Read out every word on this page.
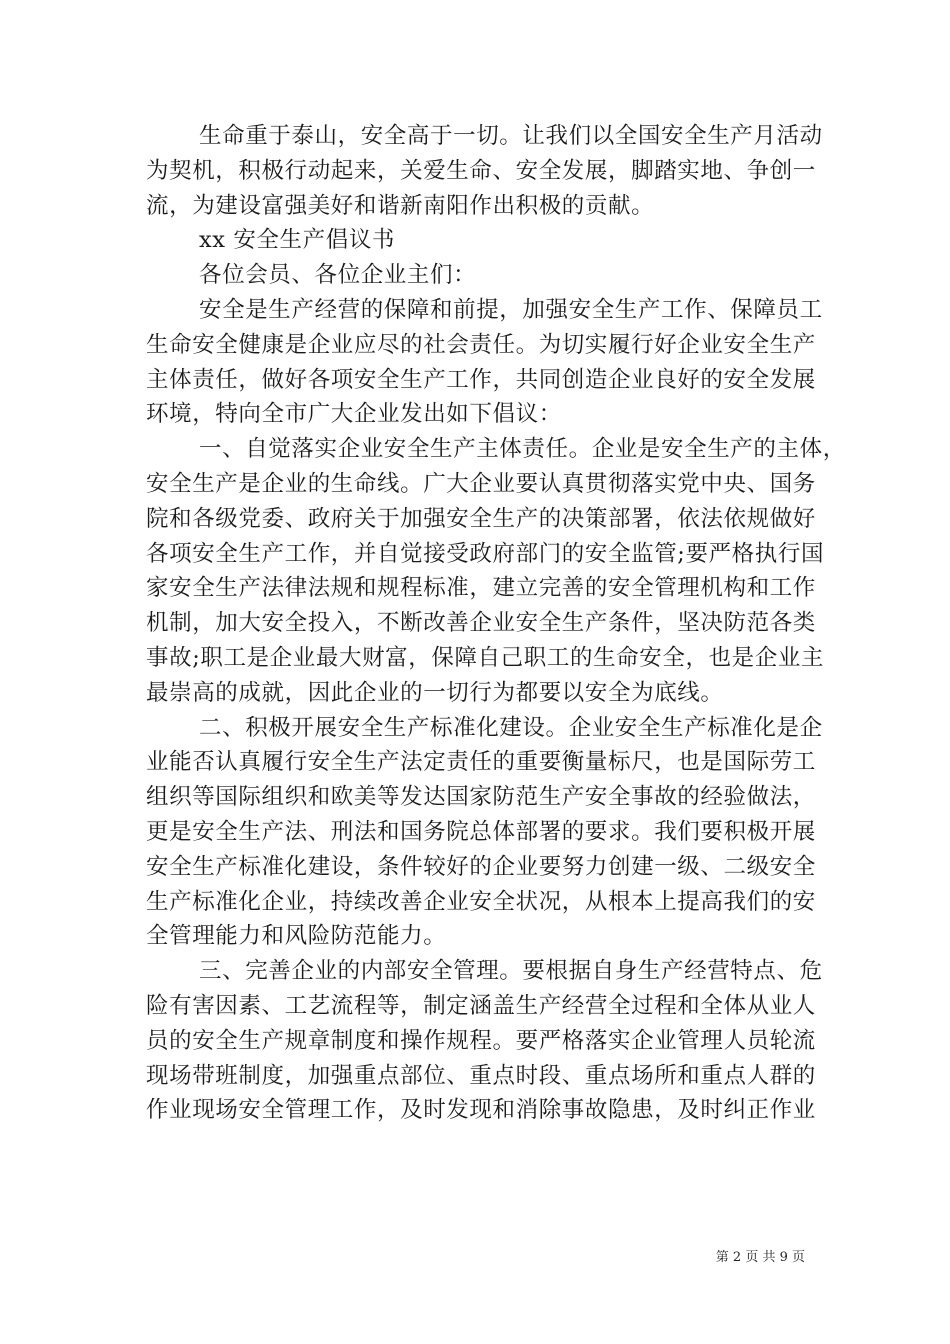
生命重于泰山，安全高于一切。让我们以全国安全生产月活动
为契机，积极行动起来，关爱生命、安全发展，脚踏实地、争创一
流，为建设富强美好和谐新南阳作出积极的贡献。
xx 安全生产倡议书
各位会员、各位企业主们：
安全是生产经营的保障和前提，加强安全生产工作、保障员工
生命安全健康是企业应尽的社会责任。为切实履行好企业安全生产
主体责任，做好各项安全生产工作，共同创造企业良好的安全发展
环境，特向全市广大企业发出如下倡议：
一、自觉落实企业安全生产主体责任。企业是安全生产的主体，
安全生产是企业的生命线。广大企业要认真贯彻落实党中央、国务
院和各级党委、政府关于加强安全生产的决策部署，依法依规做好
各项安全生产工作，并自觉接受政府部门的安全监管;要严格执行国
家安全生产法律法规和规程标准，建立完善的安全管理机构和工作
机制，加大安全投入，不断改善企业安全生产条件，坚决防范各类
事故;职工是企业最大财富，保障自己职工的生命安全，也是企业主
最崇高的成就，因此企业的一切行为都要以安全为底线。
二、积极开展安全生产标准化建设。企业安全生产标准化是企
业能否认真履行安全生产法定责任的重要衡量标尺，也是国际劳工
组织等国际组织和欧美等发达国家防范生产安全事故的经验做法，
更是安全生产法、刑法和国务院总体部署的要求。我们要积极开展
安全生产标准化建设，条件较好的企业要努力创建一级、二级安全
生产标准化企业，持续改善企业安全状况，从根本上提高我们的安
全管理能力和风险防范能力。
三、完善企业的内部安全管理。要根据自身生产经营特点、危
险有害因素、工艺流程等，制定涵盖生产经营全过程和全体从业人
员的安全生产规章制度和操作规程。要严格落实企业管理人员轮流
现场带班制度，加强重点部位、重点时段、重点场所和重点人群的
作业现场安全管理工作，及时发现和消除事故隐患，及时纠正作业
第 2 页 共 9 页
